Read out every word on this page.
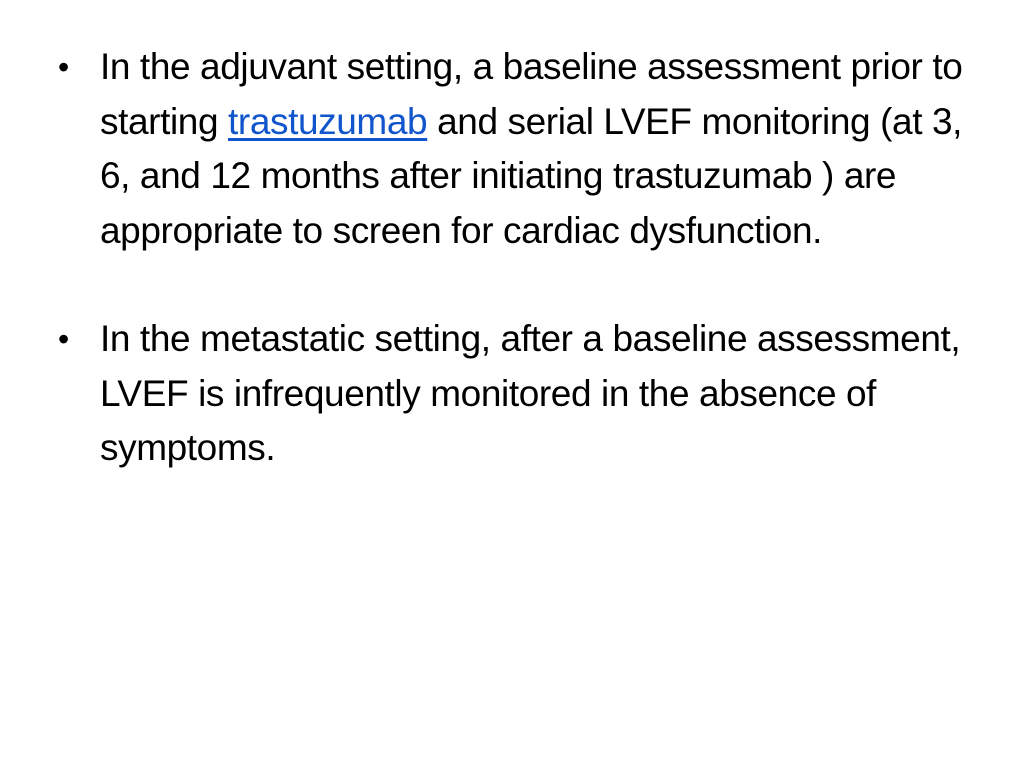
• In the adjuvant setting, a baseline assessment prior to starting trastuzumab and serial LVEF monitoring (at 3, 6, and 12 months after initiating trastuzumab ) are appropriate to screen for cardiac dysfunction.
• In the metastatic setting, after a baseline assessment, LVEF is infrequently monitored in the absence of symptoms.
